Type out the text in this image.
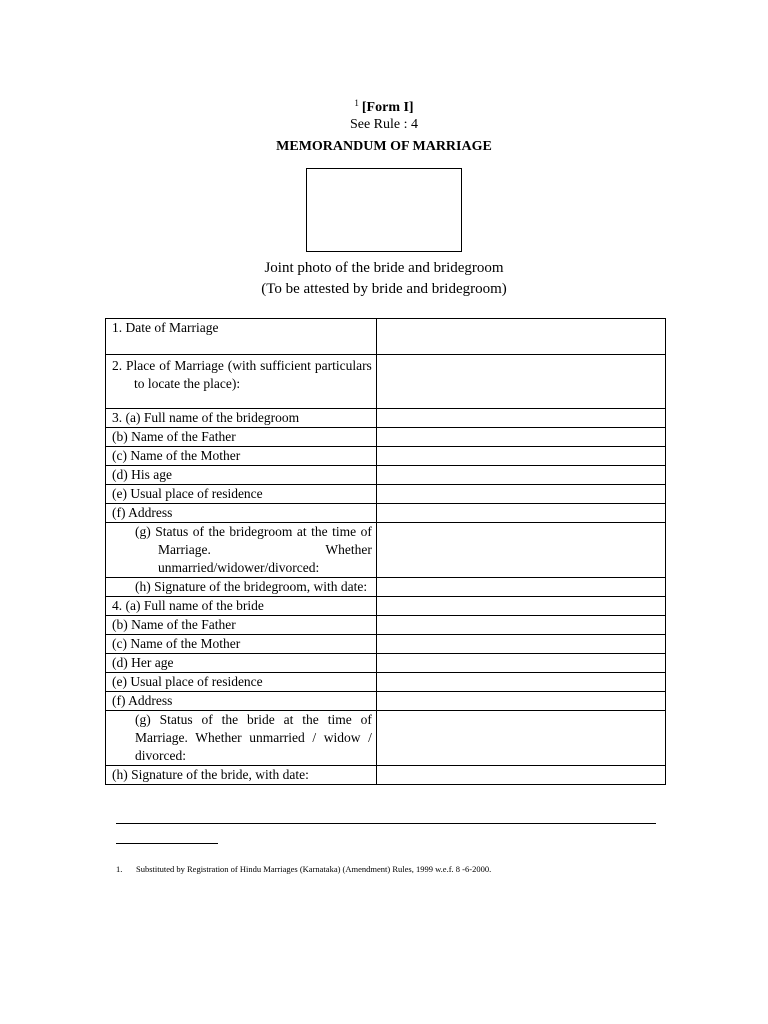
$^1$ [Form I]
See Rule : 4
MEMORANDUM OF MARRIAGE
Joint photo of the bride and bridegroom
(To be attested by bride and bridegroom)
1. Date of Marriage	

2. Place of Marriage (with sufficient particulars to locate the place):	

3. (a) Full name of the bridegroom	
(b) Name of the Father	
(c) Name of the Mother	
(d) His age	
(e) Usual place of residence	
(f) Address	

(g) Status of the bridegroom at the time of Marriage. Whether unmarried/widower/divorced:	

(h) Signature of the bridegroom, with date:	

4. (a) Full name of the bride	
(b) Name of the Father	
(c) Name of the Mother	
(d) Her age	
(e) Usual place of residence	
(f) Address	

(g) Status of the bride at the time of Marriage. Whether unmarried / widow / divorced:	

(h) Signature of the bride, with date:	
1. Substituted by Registration of Hindu Marriages (Karnataka) (Amendment) Rules, 1999 w.e.f. 8 -6-2000.
